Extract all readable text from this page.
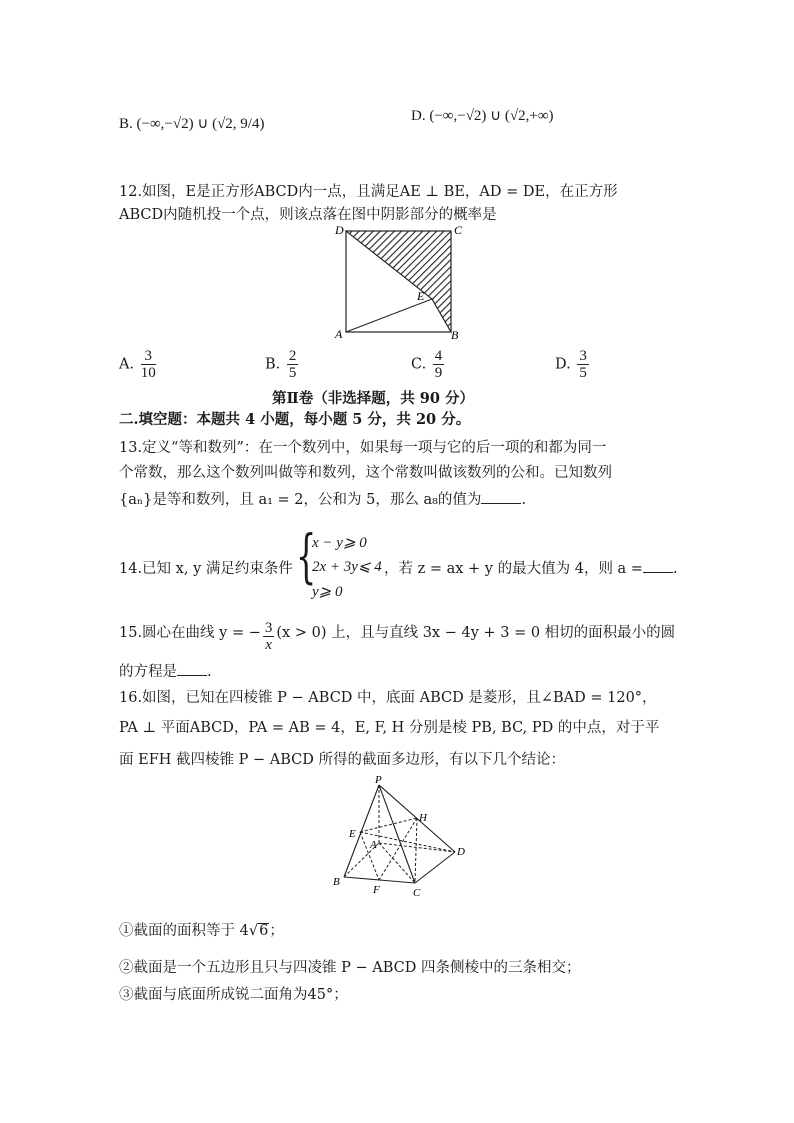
B. (−∞,−√2) ∪ (√2, 9/4)	D. (−∞,−√2) ∪ (√2,+∞)
12.如图，E是正方形ABCD内一点，且满足AE ⊥ BE，AD = DE，在正方形
ABCD内随机投一个点，则该点落在图中阴影部分的概率是
D	C
E
A	B
A. $\frac{3}{10}$	B. $\frac{2}{5}$	C. $\frac{4}{9}$	D. $\frac{3}{5}$
第Ⅱ卷（非选择题，共 90 分）
二.填空题：本题共 4 小题，每小题 5 分，共 20 分。
13.定义“等和数列”：在一个数列中，如果每一项与它的后一项的和都为同一
个常数，那么这个数列叫做等和数列，这个常数叫做该数列的公和。已知数列
{aₙ}是等和数列，且 a₁ = 2，公和为 5，那么 a₈的值为	.
14.已知 x, y 满足约束条件 {
x − y⩾ 0
2x + 3y⩽ 4
y⩾ 0
，若 z = ax + y 的最大值为 4，则 a = .
15.圆心在曲线 y = − $\frac{3}{x} (x > 0)$ 上，且与直线 3x − 4y + 3 = 0 相切的面积最小的圆
的方程是 .
16.如图，已知在四棱锥 P − ABCD 中，底面 ABCD 是菱形，且∠BAD = 120°，
PA ⊥ 平面ABCD，PA = AB = 4，E, F, H 分别是棱 PB, BC, PD 的中点，对于平
面 EFH 截四棱锥 P − ABCD 所得的截面多边形，有以下几个结论：
P
E
H
A
D
B
F	C
①截面的面积等于 4√6；
②截面是一个五边形且只与四凌锥 P − ABCD 四条侧棱中的三条相交；
③截面与底面所成锐二面角为45°；
